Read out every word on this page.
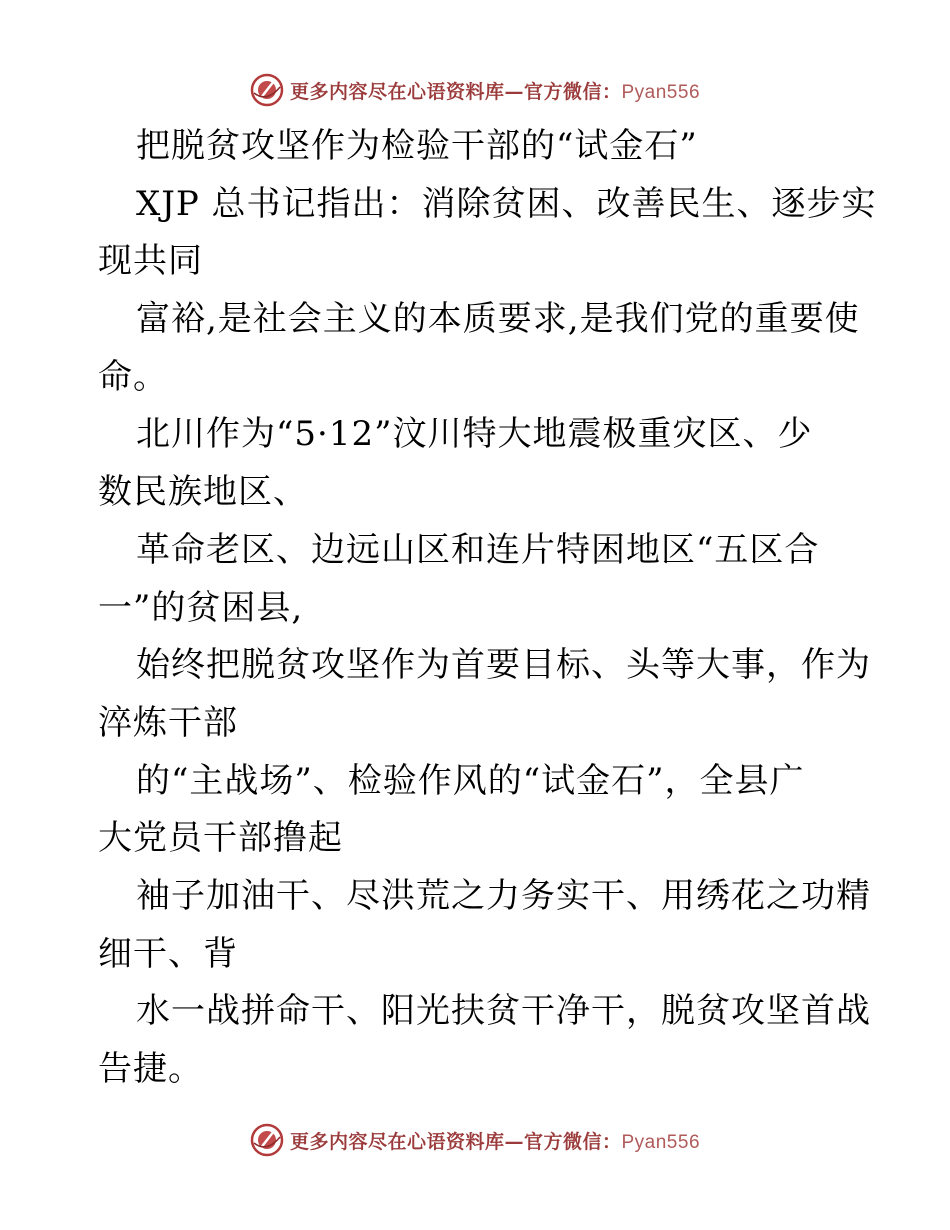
更多内容尽在心语资料库—官方微信：Pyan556
把脱贫攻坚作为检验干部的“试金石”
XJP 总书记指出：消除贫困、改善民生、逐步实
现共同
富裕,是社会主义的本质要求,是我们党的重要使
命。
北川作为“5·12”汶川特大地震极重灾区、少
数民族地区、
革命老区、边远山区和连片特困地区“五区合
一”的贫困县,
始终把脱贫攻坚作为首要目标、头等大事，作为
淬炼干部
的“主战场”、检验作风的“试金石”，全县广
大党员干部撸起
袖子加油干、尽洪荒之力务实干、用绣花之功精
细干、背
水一战拼命干、阳光扶贫干净干，脱贫攻坚首战
告捷。
更多内容尽在心语资料库—官方微信：Pyan556
